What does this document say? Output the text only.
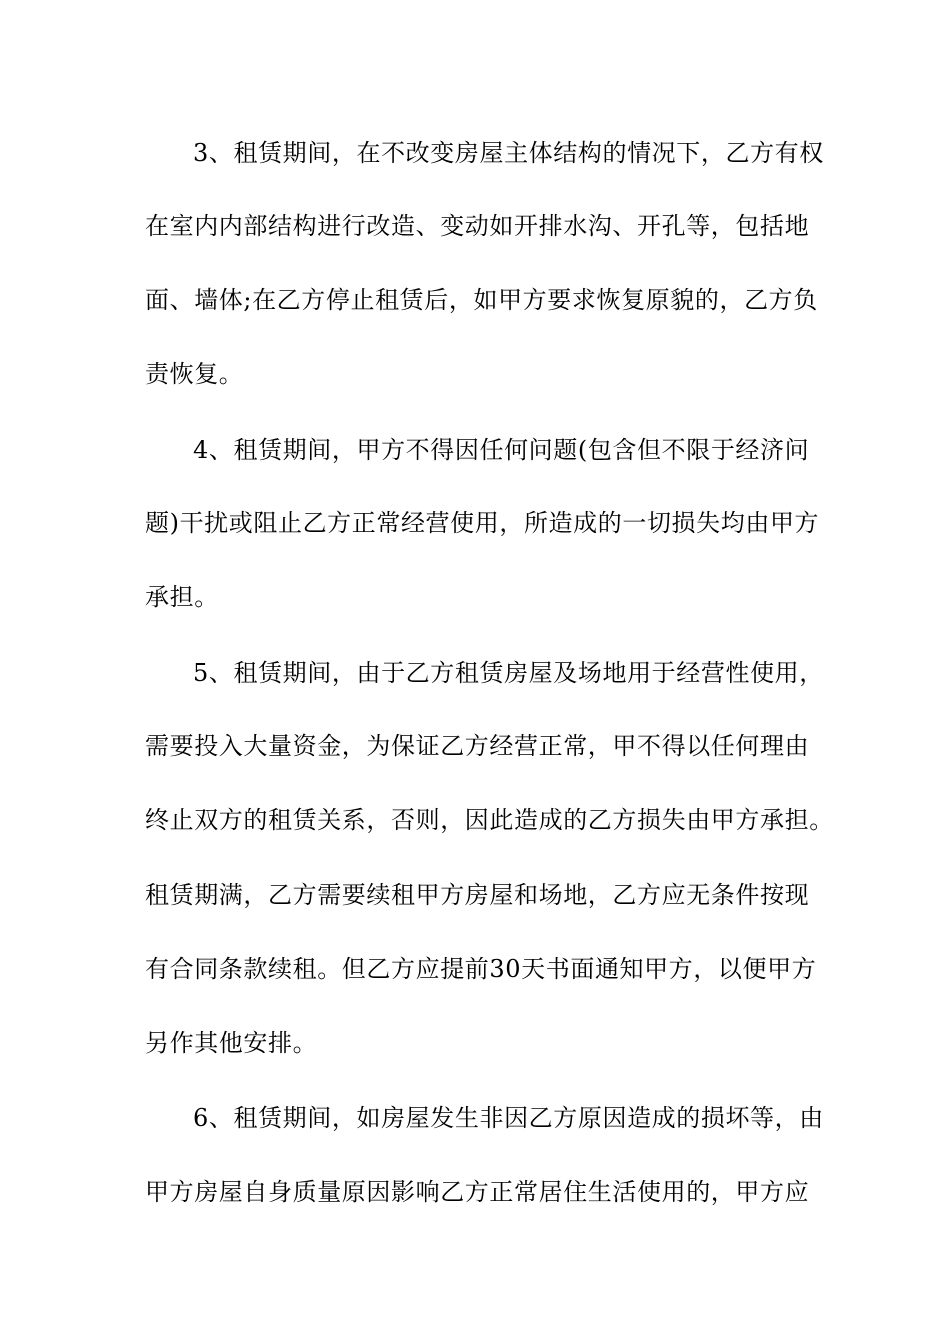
3、租赁期间，在不改变房屋主体结构的情况下，乙方有权
在室内内部结构进行改造、变动如开排水沟、开孔等，包括地
面、墙体;在乙方停止租赁后，如甲方要求恢复原貌的，乙方负
责恢复。
4、租赁期间，甲方不得因任何问题(包含但不限于经济问
题)干扰或阻止乙方正常经营使用，所造成的一切损失均由甲方
承担。
5、租赁期间，由于乙方租赁房屋及场地用于经营性使用，
需要投入大量资金，为保证乙方经营正常，甲不得以任何理由
终止双方的租赁关系，否则，因此造成的乙方损失由甲方承担。
租赁期满，乙方需要续租甲方房屋和场地，乙方应无条件按现
有合同条款续租。但乙方应提前30天书面通知甲方，以便甲方
另作其他安排。
6、租赁期间，如房屋发生非因乙方原因造成的损坏等，由
甲方房屋自身质量原因影响乙方正常居住生活使用的，甲方应
